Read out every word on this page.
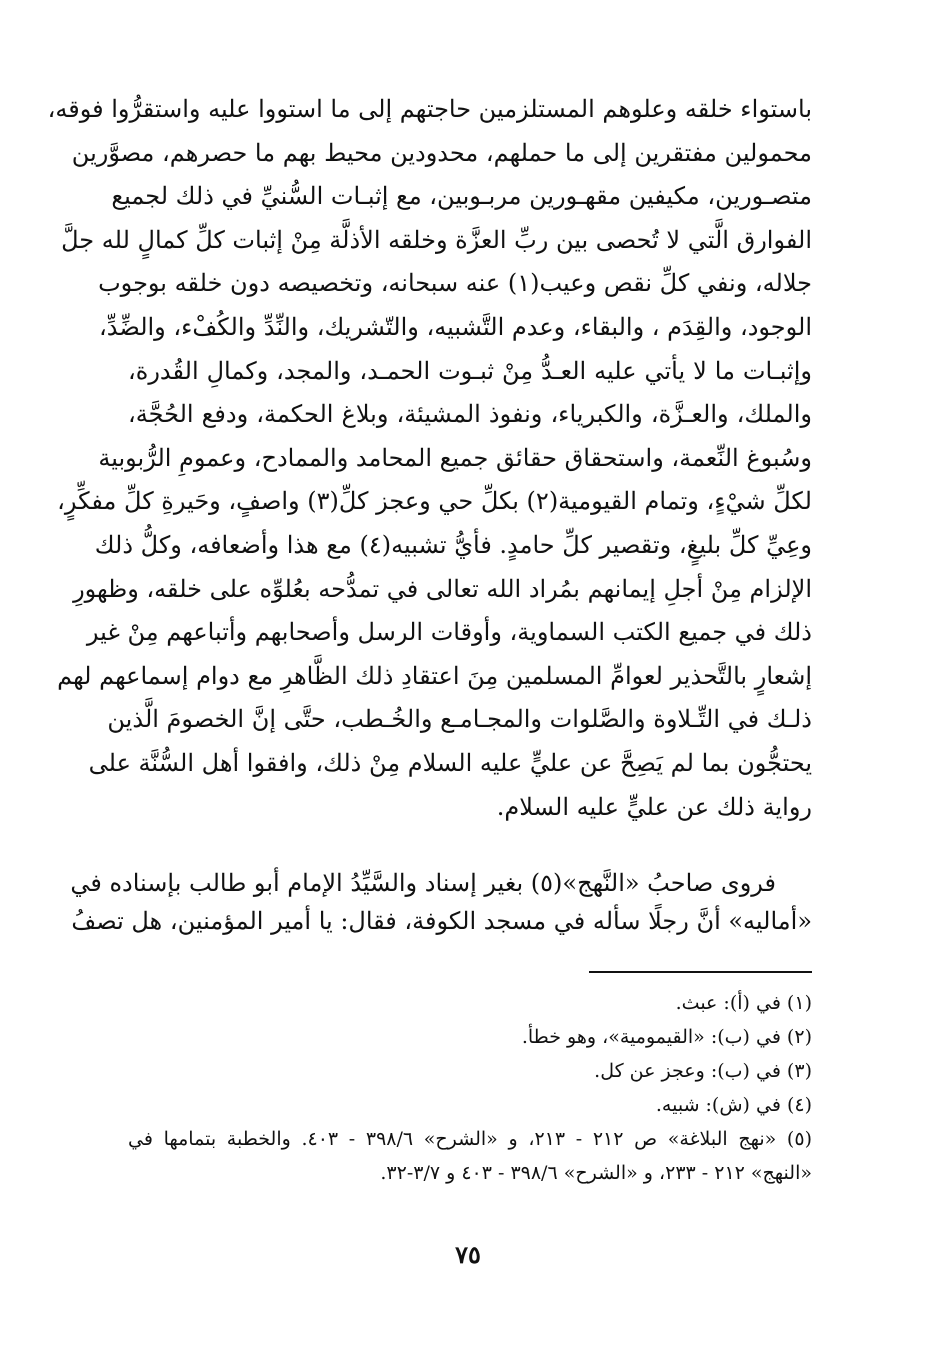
باستواء خلقه وعلوهم المستلزمين حاجتهم إلى ما استووا عليه واستقرُّوا فوقه،
محمولين مفتقرين إلى ما حملهم، محدودين محيط بهم ما حصرهم، مصوَّرين
متصـورين، مكيفين مقهـورين مربـوبين، مع إثبـات السُّنيِّ في ذلك لجميع
الفوارق الَّتي لا تُحصى بين ربِّ العزَّة وخلقه الأذلَّة مِنْ إثبات كلِّ كمالٍ لله جلَّ
جلاله، ونفي كلِّ نقص وعيب(١) عنه سبحانه، وتخصيصه دون خلقه بوجوب
الوجود، والقِدَم ، والبقاء، وعدم التَّشبيه، والتّشريك، والنِّدِّ والكُفْء، والضِّدِّ،
وإثبـات ما لا يأتي عليه العـدُّ مِنْ ثبـوت الحمـد، والمجد، وكمالِ القُدرة،
والملك، والعـزَّة، والكبرياء، ونفوذ المشيئة، وبلاغ الحكمة، ودفع الحُجَّة،
وسُبوغ النِّعمة، واستحقاق حقائق جميع المحامد والممادح، وعمومِ الرُّبوبية
لكلِّ شيْءٍ، وتمام القيومية(٢) بكلِّ حي وعجز كلِّ(٣) واصفٍ، وحَيرةِ كلِّ مفكِّرٍ،
وعِيِّ كلِّ بليغٍ، وتقصير كلِّ حامدٍ. فأيُّ تشبيه(٤) مع هذا وأضعافه، وكلُّ ذلك
الإلزام مِنْ أجلِ إيمانهم بمُراد الله تعالى في تمدُّحه بعُلوِّه على خلقه، وظهورِ
ذلك في جميع الكتب السماوية، وأوقات الرسل وأصحابهم وأتباعهم مِنْ غير
إشعارٍ بالتَّحذير لعوامِّ المسلمين مِنَ اعتقادِ ذلك الظَّاهرِ مع دوام إسماعهم لهم
ذلـك في التِّـلاوة والصَّلوات والمجـامـع والخُـطب، حتَّى إنَّ الخصومَ الَّذين
يحتجُّون بما لم يَصِحَّ عن عليٍّ عليه السلام مِنْ ذلك، وافقوا أهل السُّنَّة على
رواية ذلك عن عليٍّ عليه السلام.
فروى صاحبُ «النَّهج»(٥) بغير إسناد والسَّيِّدُ الإمام أبو طالب بإسناده في
«أماليه» أنَّ رجلًا سأله في مسجد الكوفة، فقال: يا أمير المؤمنين، هل تصفُ
(١) في (أ): عبث.
(٢) في (ب): «القيمومية»، وهو خطأ.
(٣) في (ب): وعجز عن كل.
(٤) في (ش): شبيه.
(٥) «نهج البلاغة» ص ٢١٢ - ٢١٣، و «الشرح» ٣٩٨/٦ - ٤٠٣. والخطبة بتمامها في
«النهج» ٢١٢ - ٢٣٣، و «الشرح» ٣٩٨/٦ - ٤٠٣ و ٣/٧-٣٢.
٧٥
